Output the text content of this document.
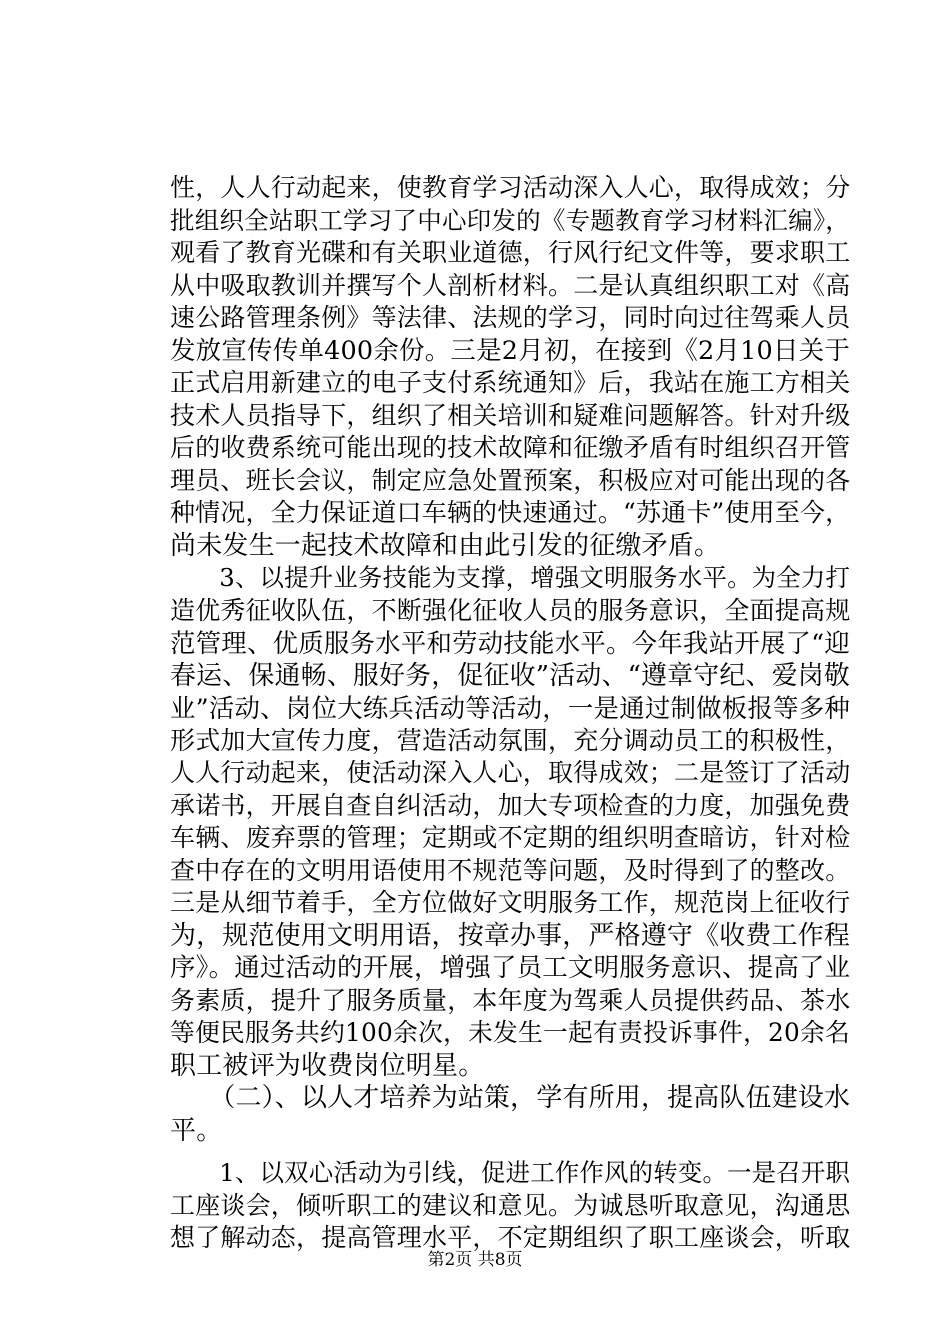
性，人人行动起来，使教育学习活动深入人心，取得成效；分
批组织全站职工学习了中心印发的《专题教育学习材料汇编》，
观看了教育光碟和有关职业道德，行风行纪文件等，要求职工
从中吸取教训并撰写个人剖析材料。二是认真组织职工对《高
速公路管理条例》等法律、法规的学习，同时向过往驾乘人员
发放宣传传单400余份。三是2月初，在接到《2月10日关于
正式启用新建立的电子支付系统通知》后，我站在施工方相关
技术人员指导下，组织了相关培训和疑难问题解答。针对升级
后的收费系统可能出现的技术故障和征缴矛盾有时组织召开管
理员、班长会议，制定应急处置预案，积极应对可能出现的各
种情况，全力保证道口车辆的快速通过。“苏通卡”使用至今，
尚未发生一起技术故障和由此引发的征缴矛盾。
　　3、以提升业务技能为支撑，增强文明服务水平。为全力打
造优秀征收队伍，不断强化征收人员的服务意识，全面提高规
范管理、优质服务水平和劳动技能水平。今年我站开展了“迎
春运、保通畅、服好务，促征收”活动、“遵章守纪、爱岗敬
业”活动、岗位大练兵活动等活动，一是通过制做板报等多种
形式加大宣传力度，营造活动氛围，充分调动员工的积极性，
人人行动起来，使活动深入人心，取得成效；二是签订了活动
承诺书，开展自查自纠活动，加大专项检查的力度，加强免费
车辆、废弃票的管理；定期或不定期的组织明查暗访，针对检
查中存在的文明用语使用不规范等问题，及时得到了的整改。
三是从细节着手，全方位做好文明服务工作，规范岗上征收行
为，规范使用文明用语，按章办事，严格遵守《收费工作程
序》。通过活动的开展，增强了员工文明服务意识、提高了业
务素质，提升了服务质量，本年度为驾乘人员提供药品、茶水
等便民服务共约100余次，未发生一起有责投诉事件，20余名
职工被评为收费岗位明星。
　　（二）、以人才培养为站策，学有所用，提高队伍建设水
平。
　　1、以双心活动为引线，促进工作作风的转变。一是召开职
工座谈会，倾听职工的建议和意见。为诚恳听取意见，沟通思
想了解动态，提高管理水平，不定期组织了职工座谈会，听取
第2页 共8页
